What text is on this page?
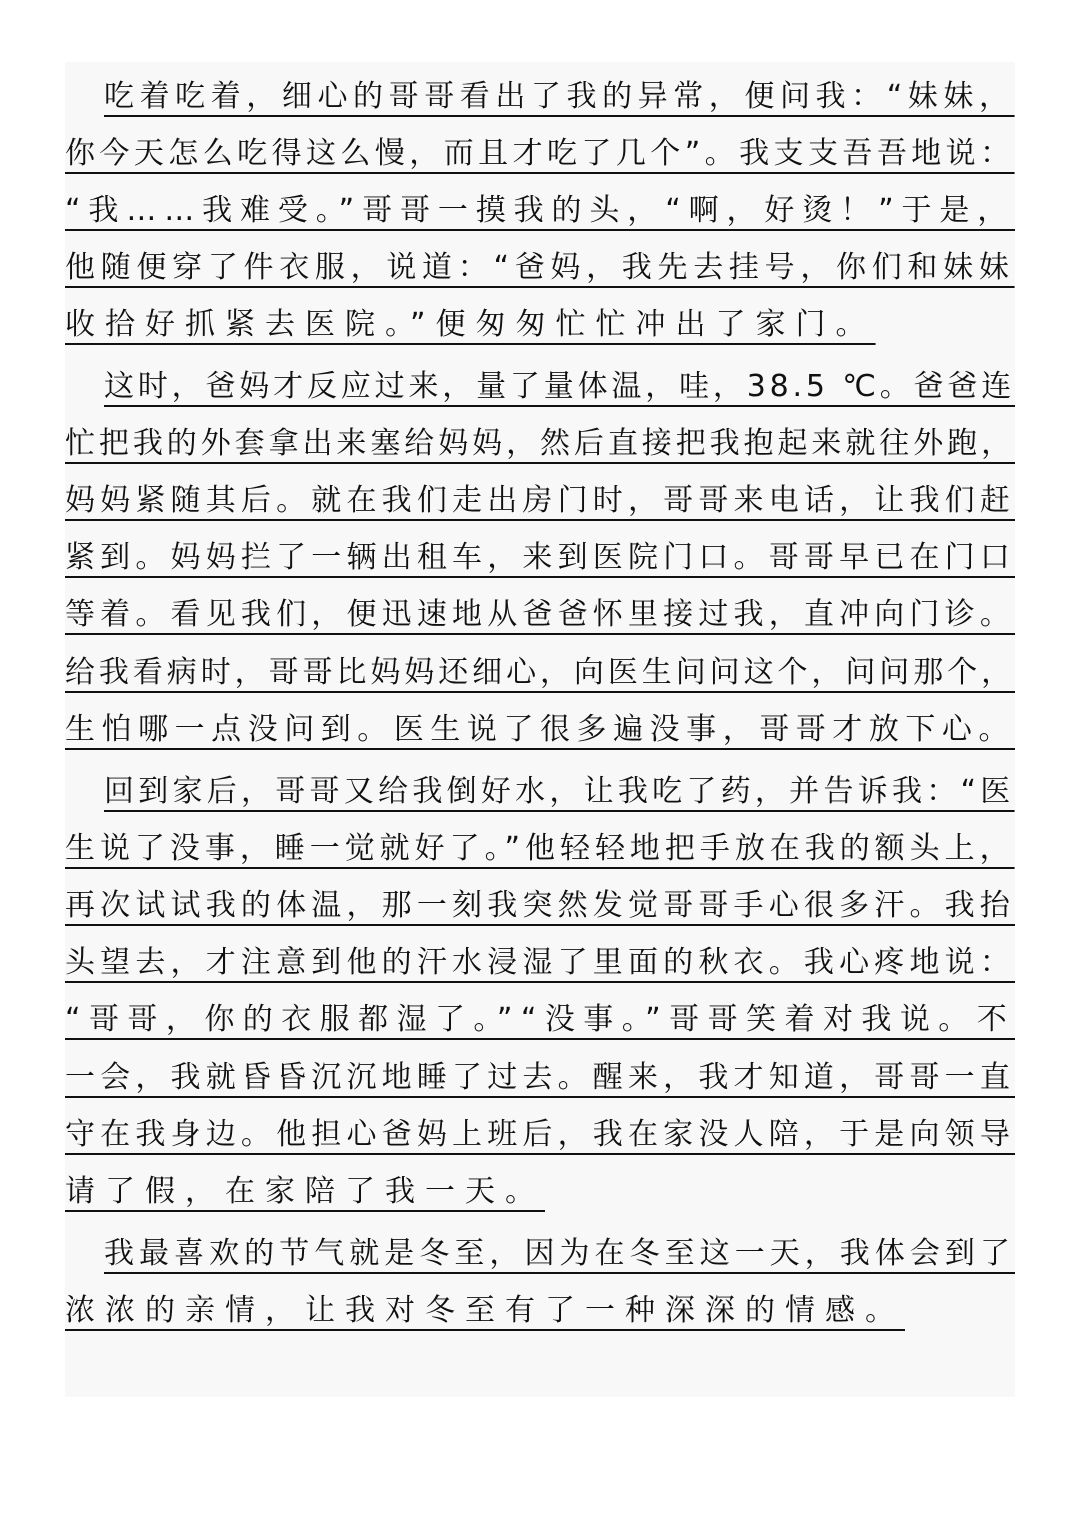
吃着吃着，细心的哥哥看出了我的异常，便问我：“妹妹，
你今天怎么吃得这么慢，而且才吃了几个”。我支支吾吾地说：
“我……我难受。”哥哥一摸我的头，“啊，好烫！”于是，
他随便穿了件衣服，说道：“爸妈，我先去挂号，你们和妹妹
收拾好抓紧去医院。”便匆匆忙忙冲出了家门。
这时，爸妈才反应过来，量了量体温，哇，38.5 ℃。爸爸连
忙把我的外套拿出来塞给妈妈，然后直接把我抱起来就往外跑，
妈妈紧随其后。就在我们走出房门时，哥哥来电话，让我们赶
紧到。妈妈拦了一辆出租车，来到医院门口。哥哥早已在门口
等着。看见我们，便迅速地从爸爸怀里接过我，直冲向门诊。
给我看病时，哥哥比妈妈还细心，向医生问问这个，问问那个，
生怕哪一点没问到。医生说了很多遍没事，哥哥才放下心。
回到家后，哥哥又给我倒好水，让我吃了药，并告诉我：“医
生说了没事，睡一觉就好了。”他轻轻地把手放在我的额头上，
再次试试我的体温，那一刻我突然发觉哥哥手心很多汗。我抬
头望去，才注意到他的汗水浸湿了里面的秋衣。我心疼地说：
“哥哥，你的衣服都湿了。”“没事。”哥哥笑着对我说。不
一会，我就昏昏沉沉地睡了过去。醒来，我才知道，哥哥一直
守在我身边。他担心爸妈上班后，我在家没人陪，于是向领导
请了假，在家陪了我一天。
我最喜欢的节气就是冬至，因为在冬至这一天，我体会到了
浓浓的亲情，让我对冬至有了一种深深的情感。
